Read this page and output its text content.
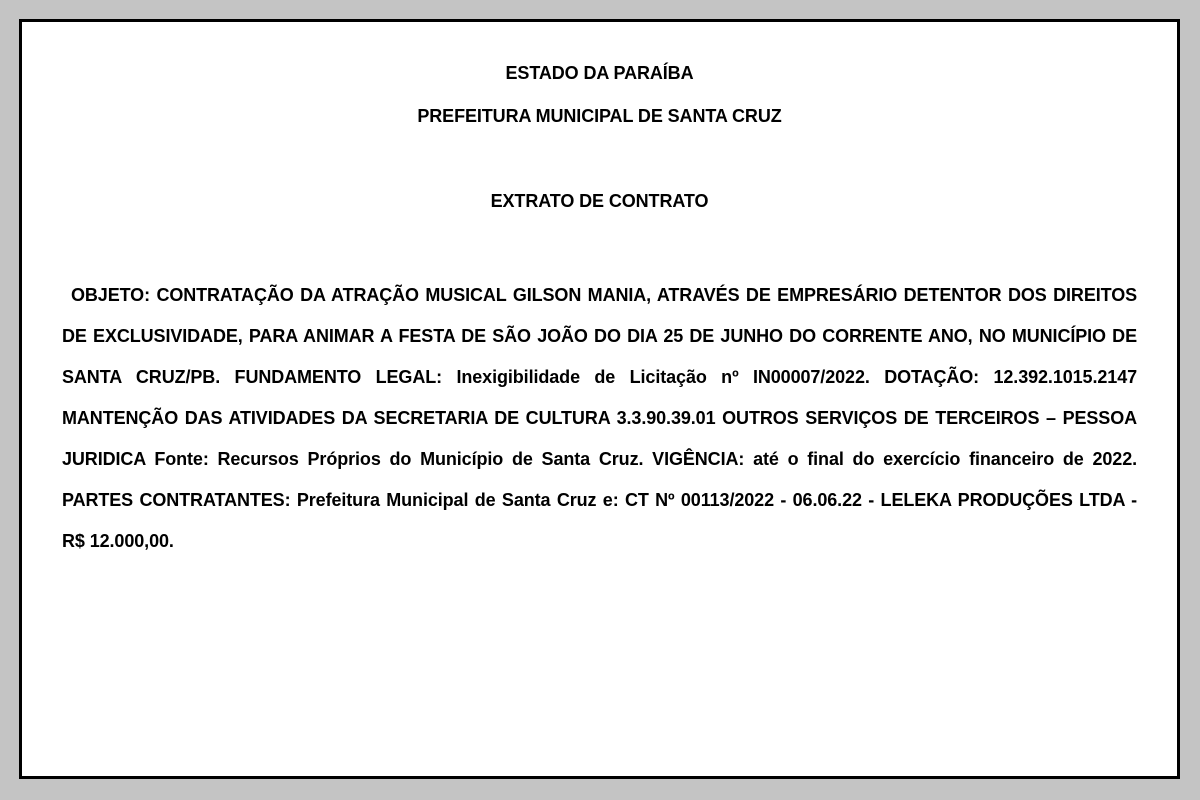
ESTADO DA PARAÍBA
PREFEITURA MUNICIPAL DE SANTA CRUZ
EXTRATO DE CONTRATO
OBJETO: CONTRATAÇÃO DA ATRAÇÃO MUSICAL GILSON MANIA, ATRAVÉS DE EMPRESÁRIO DETENTOR DOS DIREITOS DE EXCLUSIVIDADE, PARA ANIMAR A FESTA DE SÃO JOÃO DO DIA 25 DE JUNHO DO CORRENTE ANO, NO MUNICÍPIO DE SANTA CRUZ/PB. FUNDAMENTO LEGAL: Inexigibilidade de Licitação nº IN00007/2022. DOTAÇÃO: 12.392.1015.2147 MANTENÇÃO DAS ATIVIDADES DA SECRETARIA DE CULTURA 3.3.90.39.01 OUTROS SERVIÇOS DE TERCEIROS – PESSOA JURIDICA Fonte: Recursos Próprios do Município de Santa Cruz. VIGÊNCIA: até o final do exercício financeiro de 2022. PARTES CONTRATANTES: Prefeitura Municipal de Santa Cruz e: CT Nº 00113/2022 - 06.06.22 - LELEKA PRODUÇÕES LTDA - R$ 12.000,00.
